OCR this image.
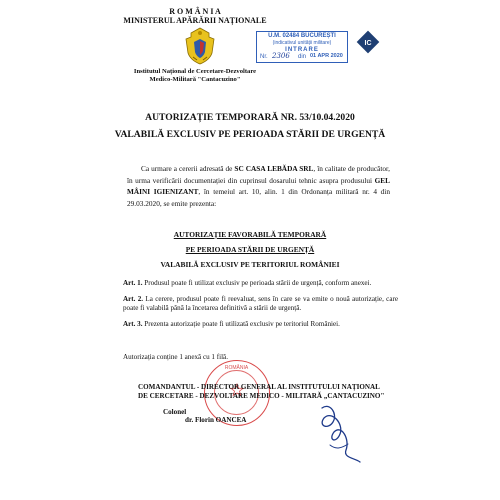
R O M Â N I A
MINISTERUL APĂRĂRII NAȚIONALE
Institutul Național de Cercetare-Dezvoltare
Medico-Militară "Cantacuzino"
U.M. 02484 BUCUREȘTI
(indicativul unității militare)
INTRARE
Nr. 2306 din 01 APR 2020
IC
AUTORIZAȚIE TEMPORARĂ NR. 53/10.04.2020
VALABILĂ EXCLUSIV PE PERIOADA STĂRII DE URGENȚĂ
Ca urmare a cererii adresată de SC CASA LEBĂDA SRL, în calitate de producător, în urma verificării documentației din cuprinsul dosarului tehnic asupra produsului GEL MÂINI IGIENIZANT, în temeiul art. 10, alin. 1 din Ordonanța militară nr. 4 din 29.03.2020, se emite prezenta:
AUTORIZAȚIE FAVORABILĂ TEMPORARĂ
PE PERIOADA STĂRII DE URGENȚĂ
VALABILĂ EXCLUSIV PE TERITORIUL ROMÂNIEI
Art. 1. Produsul poate fi utilizat exclusiv pe perioada stării de urgență, conform anexei.
Art. 2. La cerere, produsul poate fi reevaluat, sens în care se va emite o nouă autorizație, care poate fi valabilă până la încetarea definitivă a stării de urgență.
Art. 3. Prezenta autorizație poate fi utilizată exclusiv pe teritoriul României.
Autorizația conține 1 anexă cu 1 filă.
ROMÂNIA
COMANDANTUL - DIRECTOR GENERAL AL INSTITUTULUI NAȚIONAL
DE CERCETARE - DEZVOLTARE MEDICO - MILITARĂ „CANTACUZINO"
Colonel
dr. Florin OANCEA
